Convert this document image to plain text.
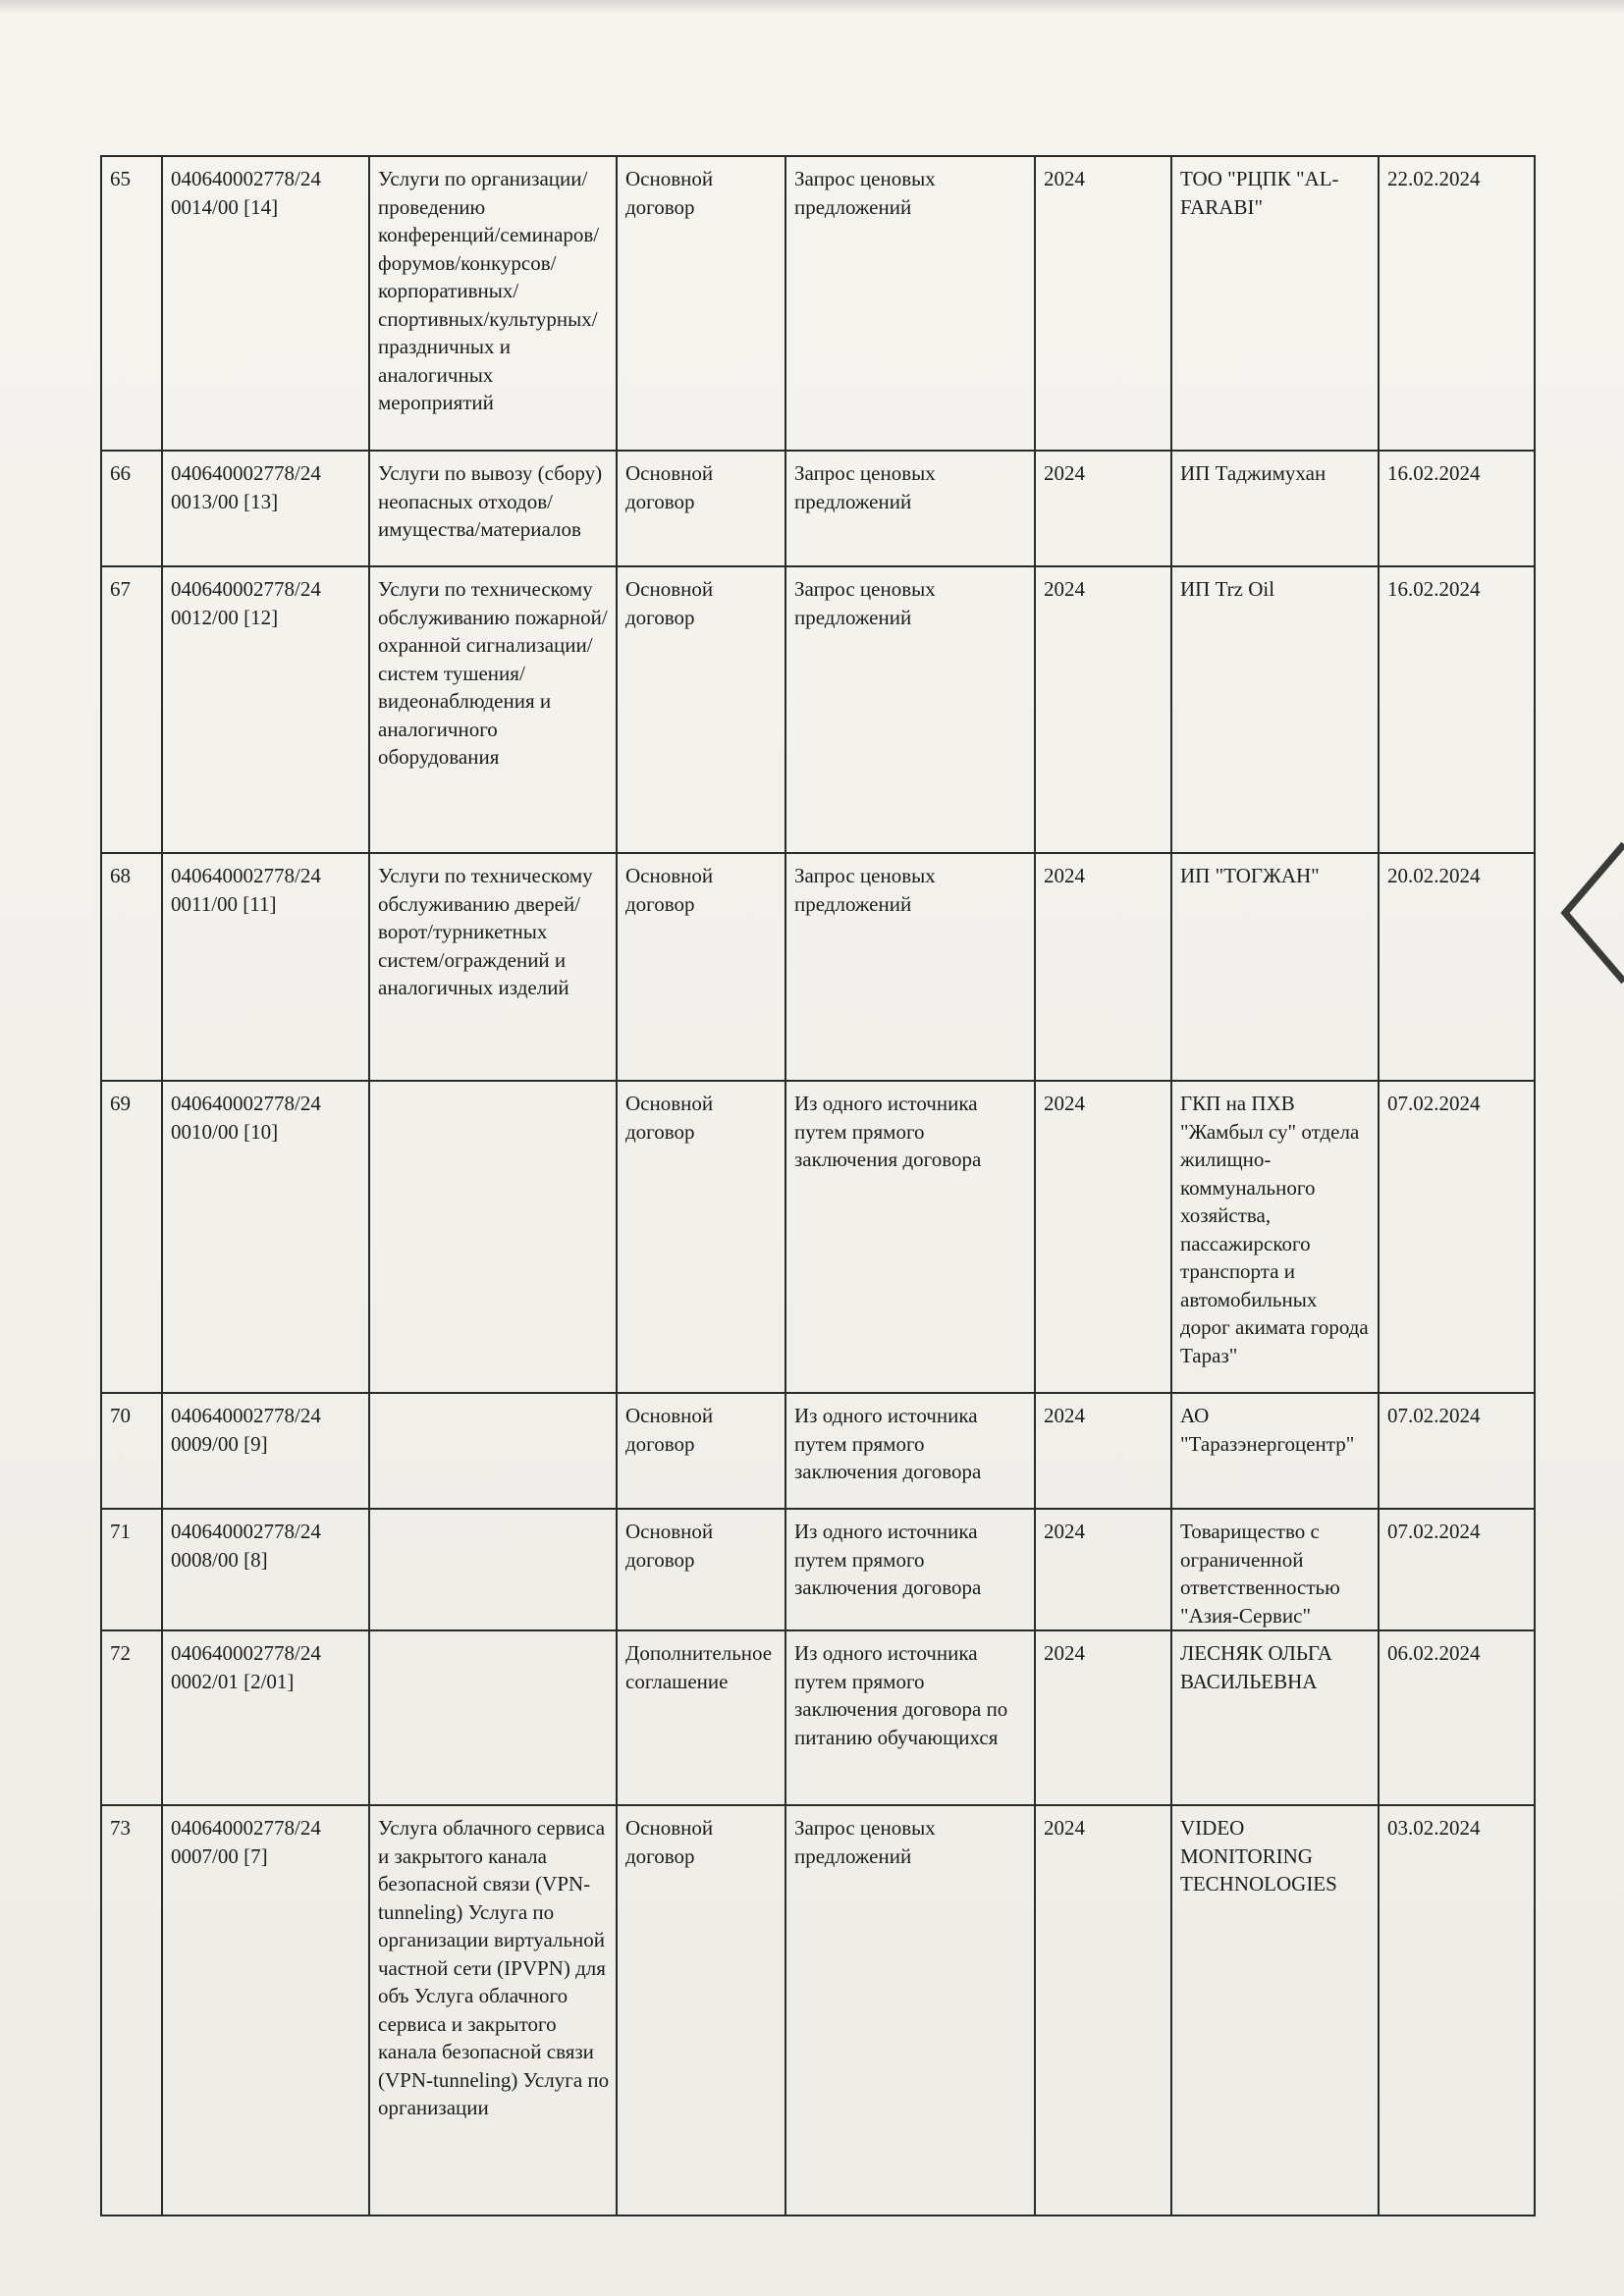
65	040640002778/24 0014/00 [14]	Услуги по организации/проведению конференций/семинаров/форумов/конкурсов/корпоративных/спортивных/культурных/праздничных и аналогичных мероприятий	Основной договор	Запрос ценовых предложений	2024	ТОО "РЦПК "AL-FARABI"	22.02.2024
66	040640002778/24 0013/00 [13]	Услуги по вывозу (сбору) неопасных отходов/имущества/материалов	Основной договор	Запрос ценовых предложений	2024	ИП Таджимухан	16.02.2024
67	040640002778/24 0012/00 [12]	Услуги по техническому обслуживанию пожарной/охранной сигнализации/систем тушения/видеонаблюдения и аналогичного оборудования	Основной договор	Запрос ценовых предложений	2024	ИП Trz Oil	16.02.2024
68	040640002778/24 0011/00 [11]	Услуги по техническому обслуживанию дверей/ворот/турникетных систем/ограждений и аналогичных изделий	Основной договор	Запрос ценовых предложений	2024	ИП "ТОГЖАН"	20.02.2024
69	040640002778/24 0010/00 [10]		Основной договор	Из одного источника путем прямого заключения договора	2024	ГКП на ПХВ "Жамбыл су" отдела жилищно-коммунального хозяйства, пассажирского транспорта и автомобильных дорог акимата города Тараз"	07.02.2024
70	040640002778/24 0009/00 [9]		Основной договор	Из одного источника путем прямого заключения договора	2024	АО "Таразэнергоцентр"	07.02.2024
71	040640002778/24 0008/00 [8]		Основной договор	Из одного источника путем прямого заключения договора	2024	Товарищество с ограниченной ответственностью "Азия-Сервис"	07.02.2024
72	040640002778/24 0002/01 [2/01]		Дополнительное соглашение	Из одного источника путем прямого заключения договора по питанию обучающихся	2024	ЛЕСНЯК ОЛЬГА ВАСИЛЬЕВНА	06.02.2024
73	040640002778/24 0007/00 [7]	Услуга облачного сервиса и закрытого канала безопасной связи (VPN-tunneling) Услуга по организации виртуальной частной сети (IPVPN) для объ Услуга облачного сервиса и закрытого канала безопасной связи (VPN-tunneling) Услуга по организации	Основной договор	Запрос ценовых предложений	2024	VIDEO MONITORING TECHNOLOGIES	03.02.2024
